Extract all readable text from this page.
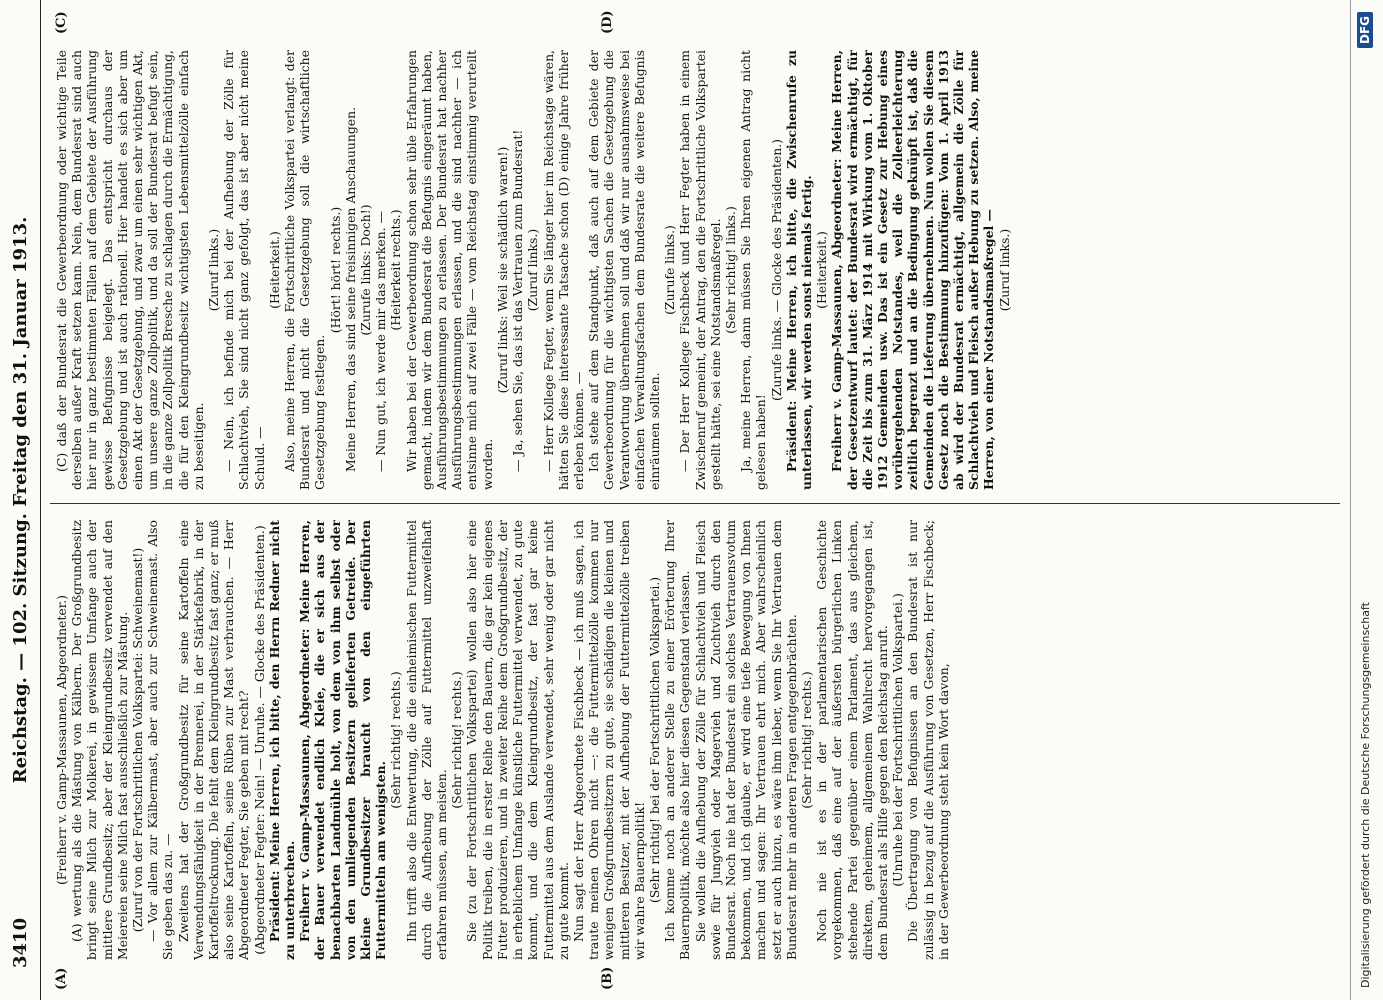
3410
Reichstag. — 102. Sitzung. Freitag den 31. Januar 1913.
(A)	(B)
(C)	(D)

(Freiherr v. Gamp-Massaunen, Abgeordneter.) (A) wertung als die Mästung von Kälbern. Der Großgrundbesitz bringt seine Milch zur Molkerei, in gewissem Umfange auch der mittlere Grundbesitz; aber der Kleingrundbesitz verwendet auf den Meiereien seine Milch fast ausschließlich zur Mästung. (Zuruf von der Fortschrittlichen Volkspartei: Schweinemast!) — Vor allem zur Kälbermast, aber auch zur Schweinemast. Also Sie geben das zu. — Zweitens hat der Großgrundbesitz für seine Kartoffeln eine Verwendungsfähigkeit in der Brennerei, in der Stärkefabrik, in der Kartoffeltrocknung. Die fehlt dem Kleingrundbesitz fast ganz; er muß also seine Kartoffeln, seine Rüben zur Mast verbrauchen. — Herr Abgeordneter Fegter, Sie geben mit recht? (Abgeordneter Fegter: Nein! — Unruhe. — Glocke des Präsidenten.) Präsident: Meine Herren, ich bitte, den Herrn Redner nicht zu unterbrechen. Freiherr v. Gamp-Massaunen, Abgeordneter: Meine Herren, der Bauer verwendet endlich Kleie, die er sich aus der benachbarten Landmühle holt, von dem von ihm selbst oder von den umliegenden Besitzern gelieferten Getreide. Der kleine Grundbesitzer braucht von den eingeführten Futtermitteln am wenigsten.

(Sehr richtig! rechts.) Ihn trifft also die Entwertung, die die einheimischen Futtermittel durch die Aufhebung der Zölle auf Futtermittel unzweifelhaft erfahren müssen, am meisten.

(Sehr richtig! rechts.) Sie (zu der Fortschrittlichen Volkspartei) wollen also hier eine Politik treiben, die in erster Reihe den Bauern, die gar kein eigenes Futter produzieren, und in zweiter Reihe dem Großgrundbesitz, der in erheblichem Umfange künstliche Futtermittel verwendet, zu gute kommt, und die dem Kleingrundbesitz, der fast gar keine Futtermittel aus dem Auslande verwendet, sehr wenig oder gar nicht zu gute kommt. Nun sagt der Herr Abgeordnete Fischbeck — ich muß sagen, ich traute meinen Ohren nicht —: die Futtermittelzölle kommen nur wenigen Großgrundbesitzern zu gute, sie schädigen die kleinen und mittleren Besitzer, mit der Aufhebung der Futtermittelzölle treiben wir wahre Bauernpolitik! (Sehr richtig! bei der Fortschrittlichen Volkspartei.) Ich komme noch an anderer Stelle zu einer Erörterung Ihrer Bauernpolitik, möchte also hier diesen Gegenstand verlassen. Sie wollen die Aufhebung der Zölle für Schlachtvieh und Fleisch sowie für Jungvieh oder Magervieh und Zuchtvieh durch den Bundesrat. Noch nie hat der Bundesrat ein solches Vertrauensvotum bekommen, und ich glaube, er wird eine tiefe Bewegung von Ihnen machen und sagen: Ihr Vertrauen ehrt mich. Aber wahrscheinlich setzt er auch hinzu, es wäre ihm lieber, wenn Sie Ihr Vertrauen dem Bundesrat mehr in anderen Fragen entgegenbrächten. (Sehr richtig! rechts.) Noch nie ist es in der parlamentarischen Geschichte vorgekommen, daß eine auf der äußersten bürgerlichen Linken stehende Partei gegenüber einem Parlament, das aus gleichem, direktem, geheimem, allgemeinem Wahlrecht hervorgegangen ist, dem Bundesrat als Hilfe gegen den Reichstag anruft. (Unruhe bei der Fortschrittlichen Volkspartei.) Die Übertragung von Befugnissen an den Bundesrat ist nur zulässig in bezug auf die Ausführung von Gesetzen, Herr Fischbeck; in der Gewerbeordnung steht kein Wort davon,

(C) daß der Bundesrat die Gewerbeordnung oder wichtige Teile derselben außer Kraft setzen kann. Nein, dem Bundesrat sind auch hier nur in ganz bestimmten Fällen auf dem Gebiete der Ausführung gewisse Befugnisse beigelegt. Das entspricht durchaus der Gesetzgebung und ist auch rationell. Hier handelt es sich aber um einen Akt der Gesetzgebung, und zwar um einen sehr wichtigen Akt, um unsere ganze Zollpolitik, und da soll der Bundesrat befugt sein, in die ganze Zollpolitik Bresche zu schlagen durch die Ermächtigung, die für den Kleingrundbesitz wichtigsten Lebensmittelzölle einfach zu beseitigen.

(Zuruf links.) — Nein, ich befinde mich bei der Aufhebung der Zölle für Schlachtvieh, Sie sind nicht ganz gefolgt, das ist aber nicht meine Schuld. —

(Heiterkeit.) Also, meine Herren, die Fortschrittliche Volkspartei verlangt: der Bundesrat und nicht die Gesetzgebung soll die wirtschaftliche Gesetzgebung festlegen.

(Hört! hört! rechts.) Meine Herren, das sind seine freisinnigen Anschauungen. (Zurufe links: Doch!) — Nun gut, ich werde mir das merken. — (Heiterkeit rechts.) Wir haben bei der Gewerbeordnung schon sehr üble Erfahrungen gemacht, indem wir dem Bundesrat die Befugnis eingeräumt haben, Ausführungsbestimmungen zu erlassen. Der Bundesrat hat nachher Ausführungsbestimmungen erlassen, und die sind nachher — ich entsinne mich auf zwei Fälle — vom Reichstag einstimmig verurteilt worden.

(Zuruf links: Weil sie schädlich waren!) — Ja, sehen Sie, das ist das Vertrauen zum Bundesrat! (Zuruf links.) — Herr Kollege Fegter, wenn Sie länger hier im Reichstage wären, hätten Sie diese interessante Tatsache schon (D) einige Jahre früher erleben können. — Ich stehe auf dem Standpunkt, daß auch auf dem Gebiete der Gewerbeordnung für die wichtigsten Sachen die Gesetzgebung die Verantwortung übernehmen soll und daß wir nur ausnahmsweise bei einfachen Verwaltungsfachen dem Bundesrate die weitere Befugnis einräumen sollten.

(Zurufe links.) — Der Herr Kollege Fischbeck und Herr Fegter haben in einem Zwischenruf gemeint, der Antrag, den die Fortschrittliche Volkspartei gestellt hätte, sei eine Notstandsmaßregel. (Sehr richtig! links.) Ja, meine Herren, dann müssen Sie Ihren eigenen Antrag nicht gelesen haben!

(Zurufe links. — Glocke des Präsidenten.) Präsident: Meine Herren, ich bitte, die Zwischenrufe zu unterlassen, wir werden sonst niemals fertig. (Heiterkeit.) Freiherr v. Gamp-Massaunen, Abgeordneter: Meine Herren, der Gesetzentwurf lautet: der Bundesrat wird ermächtigt, für die Zeit bis zum 31. März 1914 mit Wirkung vom 1. Oktober 1912 Gemeinden usw. Das ist ein Gesetz zur Hebung eines vorübergehenden Notstandes, weil die Zolleerleichterung zeitlich begrenzt und an die Bedingung geknüpft ist, daß die Gemeinden die Lieferung übernehmen. Nun wollen Sie diesem Gesetz noch die Bestimmung hinzufügen: Vom 1. April 1913 ab wird der Bundesrat ermächtigt, allgemein die Zölle für Schlachtvieh und Fleisch außer Hebung zu setzen. Also, meine Herren, von einer Notstandsmaßregel — (Zuruf links.)

Digitalisierung gefördert durch die Deutsche Forschungsgemeinschaft
DFG
